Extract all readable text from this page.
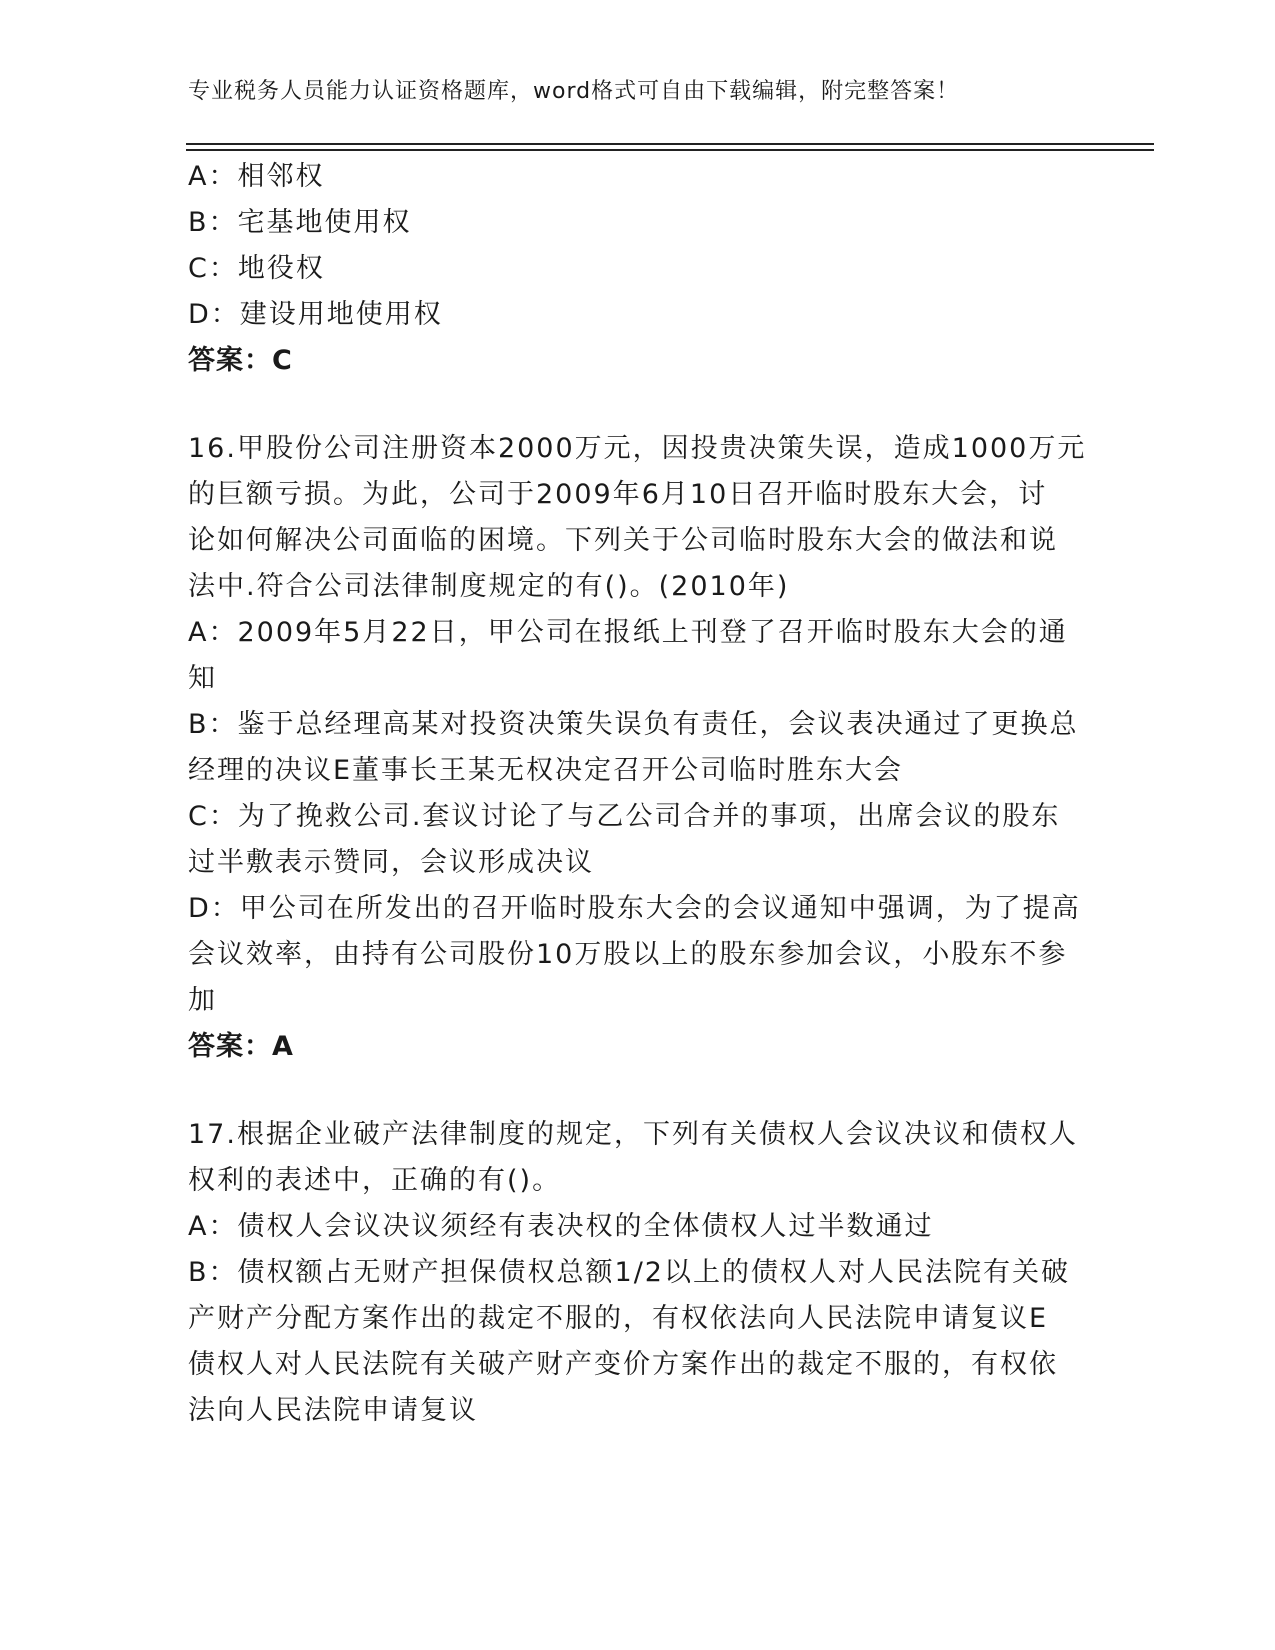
专业税务人员能力认证资格题库，word格式可自由下载编辑，附完整答案！
A：相邻权
B：宅基地使用权
C：地役权
D：建设用地使用权
答案：C
16.甲股份公司注册资本2000万元，因投贵决策失误，造成1000万元
的巨额亏损。为此，公司于2009年6月10日召开临时股东大会，讨
论如何解决公司面临的困境。下列关于公司临时股东大会的做法和说
法中.符合公司法律制度规定的有()。(2010年)
A：2009年5月22日，甲公司在报纸上刊登了召开临时股东大会的通
知
B：鉴于总经理高某对投资决策失误负有责任，会议表决通过了更换总
经理的决议E董事长王某无权决定召开公司临时胜东大会
C：为了挽救公司.套议讨论了与乙公司合并的事项，出席会议的股东
过半敷表示赞同，会议形成决议
D：甲公司在所发出的召开临时股东大会的会议通知中强调，为了提高
会议效率，由持有公司股份10万股以上的股东参加会议，小股东不参
加
答案：A
17.根据企业破产法律制度的规定，下列有关债权人会议决议和债权人
权利的表述中，正确的有()。
A：债权人会议决议须经有表决权的全体债权人过半数通过
B：债权额占无财产担保债权总额1/2以上的债权人对人民法院有关破
产财产分配方案作出的裁定不服的，有权依法向人民法院申请复议E
债权人对人民法院有关破产财产变价方案作出的裁定不服的，有权依
法向人民法院申请复议
